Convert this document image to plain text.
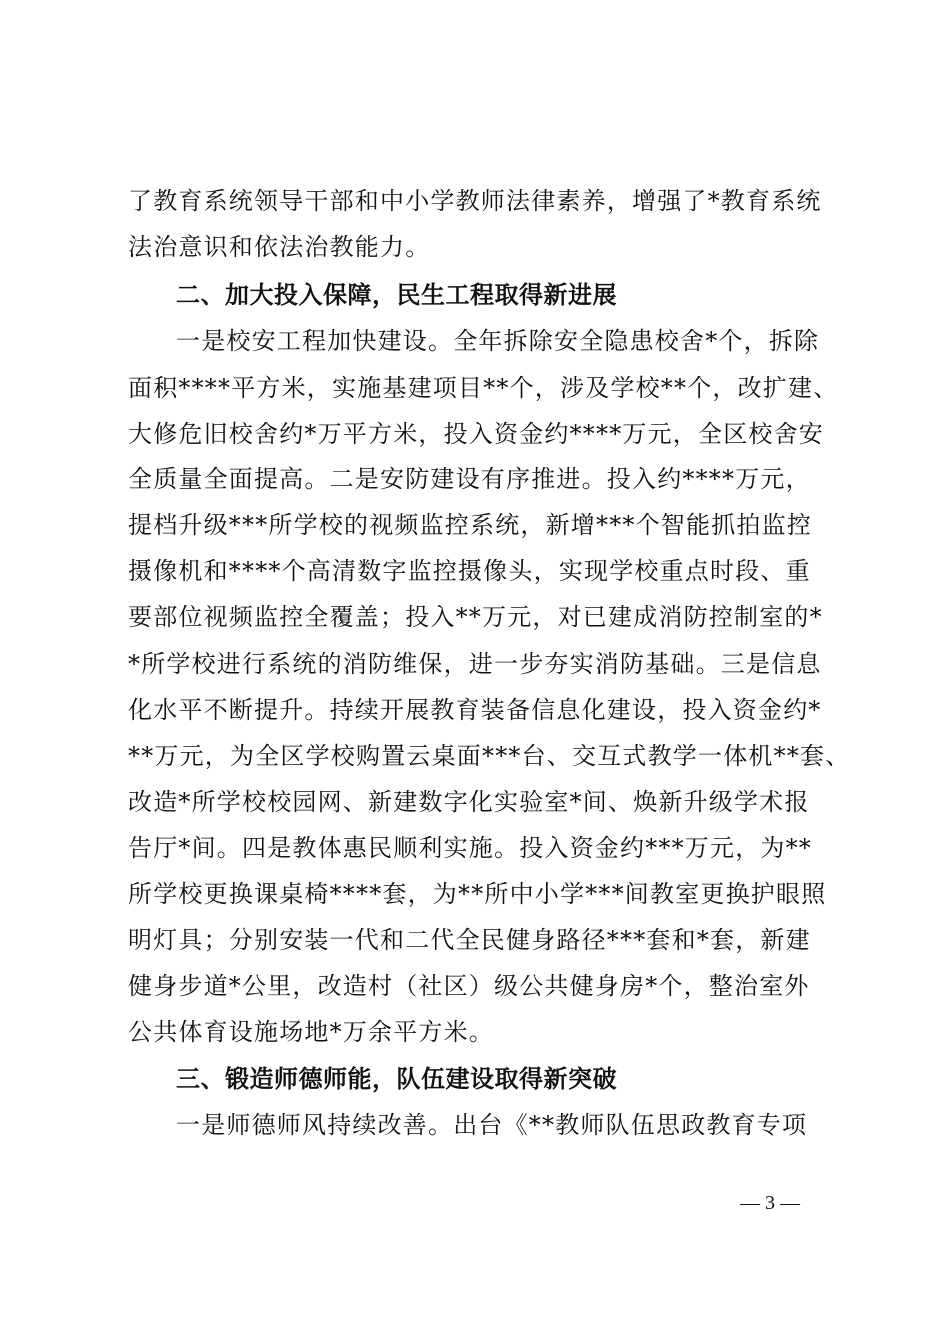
了教育系统领导干部和中小学教师法律素养，增强了*教育系统
法治意识和依法治教能力。
二、加大投入保障，民生工程取得新进展
一是校安工程加快建设。全年拆除安全隐患校舍*个，拆除
面积****平方米，实施基建项目**个，涉及学校**个，改扩建、
大修危旧校舍约*万平方米，投入资金约****万元，全区校舍安
全质量全面提高。二是安防建设有序推进。投入约****万元，
提档升级***所学校的视频监控系统，新增***个智能抓拍监控
摄像机和****个高清数字监控摄像头，实现学校重点时段、重
要部位视频监控全覆盖；投入**万元，对已建成消防控制室的*
*所学校进行系统的消防维保，进一步夯实消防基础。三是信息
化水平不断提升。持续开展教育装备信息化建设，投入资金约*
**万元，为全区学校购置云桌面***台、交互式教学一体机**套、
改造*所学校校园网、新建数字化实验室*间、焕新升级学术报
告厅*间。四是教体惠民顺利实施。投入资金约***万元，为**
所学校更换课桌椅****套，为**所中小学***间教室更换护眼照
明灯具；分别安装一代和二代全民健身路径***套和*套，新建
健身步道*公里，改造村（社区）级公共健身房*个，整治室外
公共体育设施场地*万余平方米。
三、锻造师德师能，队伍建设取得新突破
一是师德师风持续改善。出台《**教师队伍思政教育专项
— 3 —
